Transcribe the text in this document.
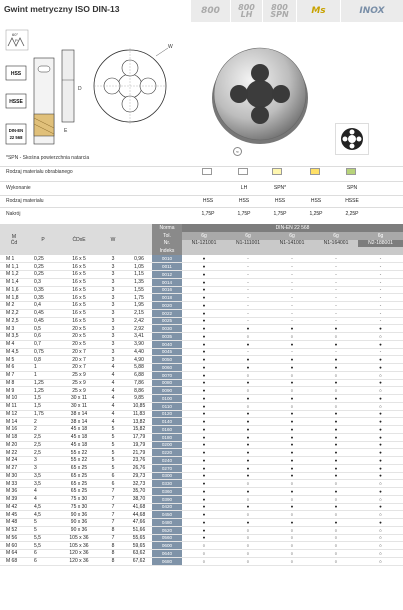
Gwint metryczny ISO DIN-13	800 800
LH
800
SPN	Ms	INOX
60°
P
HSS
HSSE
DIN-EN
22 568
E
D
W
↻
*SPN - Skośna powierzchnia natarcia
Rodzaj materiału obrabianego
Wykonanie	LH	SPN*	SPN
Rodzaj materiału	HSS	HSS	HSS	HSS	HSSE
Nakrój	1,75P	1,75P	1,75P	1,25P	2,25P
M
Ćd	P	ĆDxE	W		Norma	DIN-EN 22 568				
					Tol.	6g	6g	6g	6g	6g
					Nr.	N1-121001	N1-111001	N1-141001	N1-164001	N2-188001
					Indeks					
M 1	0,25	16 x 5	3	0,96	0010	●	-	-	-	-
M 1,1	0,25	16 x 5	3	1,05	0011	●	-	-	-	-
M 1,2	0,25	16 x 5	3	1,15	0012	●	-	-	-	-
M 1,4	0,3	16 x 5	3	1,35	0014	●	-	-	-	-
M 1,6	0,35	16 x 5	3	1,55	0016	●	-	-	-	-
M 1,8	0,35	16 x 5	3	1,75	0018	●	-	-	-	-
M 2	0,4	16 x 5	3	1,95	0020	●	-	-	-	-
M 2,2	0,45	16 x 5	3	2,15	0022	●	-	-	-	-
M 2,5	0,45	16 x 5	3	2,42	0025	●	-	-	-	-
M 3	0,5	20 x 5	3	2,92	0030	●	●	●	●	●
M 3,5	0,6	20 x 5	3	3,41	0035	●	○	○	○	○
M 4	0,7	20 x 5	3	3,90	0040	●	●	●	●	●
M 4,5	0,75	20 x 7	3	4,40	0045	●	-	-	-	-
M 5	0,8	20 x 7	3	4,90	0050	●	●	●	●	●
M 6	1	20 x 7	4	5,88	0060	●	●	●	●	●
M 7	1	25 x 9	4	6,88	0070	●	○	○	○	○
M 8	1,25	25 x 9	4	7,86	0080	●	●	●	●	●
M 9	1,25	25 x 9	4	8,86	0090	●	○	○	○	○
M 10	1,5	30 x 11	4	9,85	0100	●	●	●	●	●
M 11	1,5	30 x 11	4	10,85	0110	●	○	○	○	○
M 12	1,75	38 x 14	4	11,83	0120	●	●	●	●	●
M 14	2	38 x 14	4	13,82	0140	●	●	●	●	●
M 16	2	45 x 18	5	15,82	0160	●	●	●	●	●
M 18	2,5	45 x 18	5	17,79	0180	●	●	●	●	●
M 20	2,5	45 x 18	5	19,79	0200	●	●	●	●	●
M 22	2,5	55 x 22	5	21,79	0220	●	●	●	●	●
M 24	3	55 x 22	5	23,76	0240	●	●	●	●	●
M 27	3	65 x 25	5	26,76	0270	●	●	●	●	●
M 30	3,5	65 x 25	6	29,73	0300	●	●	●	●	●
M 33	3,5	65 x 25	6	32,73	0330	●	○	○	○	○
M 36	4	65 x 25	7	35,70	0360	●	●	●	●	●
M 39	4	75 x 30	7	38,70	0390	●	○	○	○	○
M 42	4,5	75 x 30	7	41,68	0420	●	●	●	●	●
M 45	4,5	90 x 36	7	44,68	0450	●	○	○	○	○
M 48	5	90 x 36	7	47,66	0480	●	●	●	●	●
M 52	5	90 x 36	8	51,66	0520	●	○	○	○	○
M 56	5,5	105 x 36	7	55,65	0560	●	○	○	○	○
M 60	5,5	105 x 36	8	59,65	0600	○	○	○	○	○
M 64	6	120 x 36	8	63,62	0640	○	○	○	○	○
M 68	6	120 x 36	8	67,62	0680	○	○	○	○	○
